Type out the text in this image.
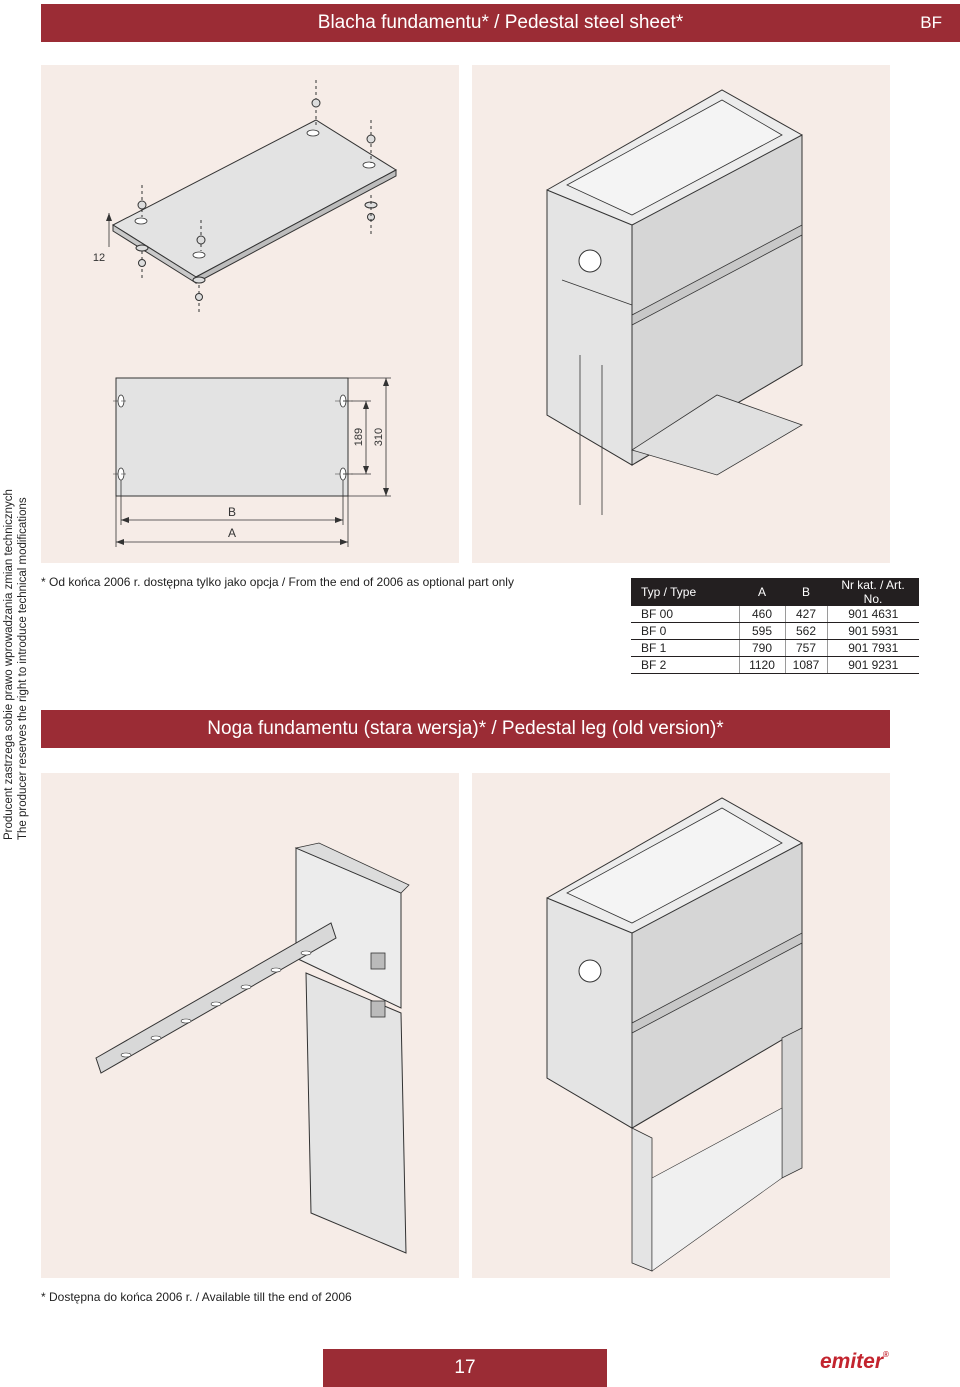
Blacha fundamentu* / Pedestal steel sheet*	BF
Producent zastrzega sobie prawo wprowadzania zmian technicznych The producer reserves the right to introduce technical modifications
12
189 310
B
A
* Od końca 2006 r. dostępna tylko jako opcja / From the end of 2006 as optional part only
Typ / Type	A	B	Nr kat. / Art. No.
BF 00	460	427	901 4631
BF 0	595	562	901 5931
BF 1	790	757	901 7931
BF 2	1120	1087	901 9231
Noga fundamentu (stara wersja)* / Pedestal leg (old version)*
* Dostępna do końca 2006 r. / Available till the end of 2006
17	emiter®
